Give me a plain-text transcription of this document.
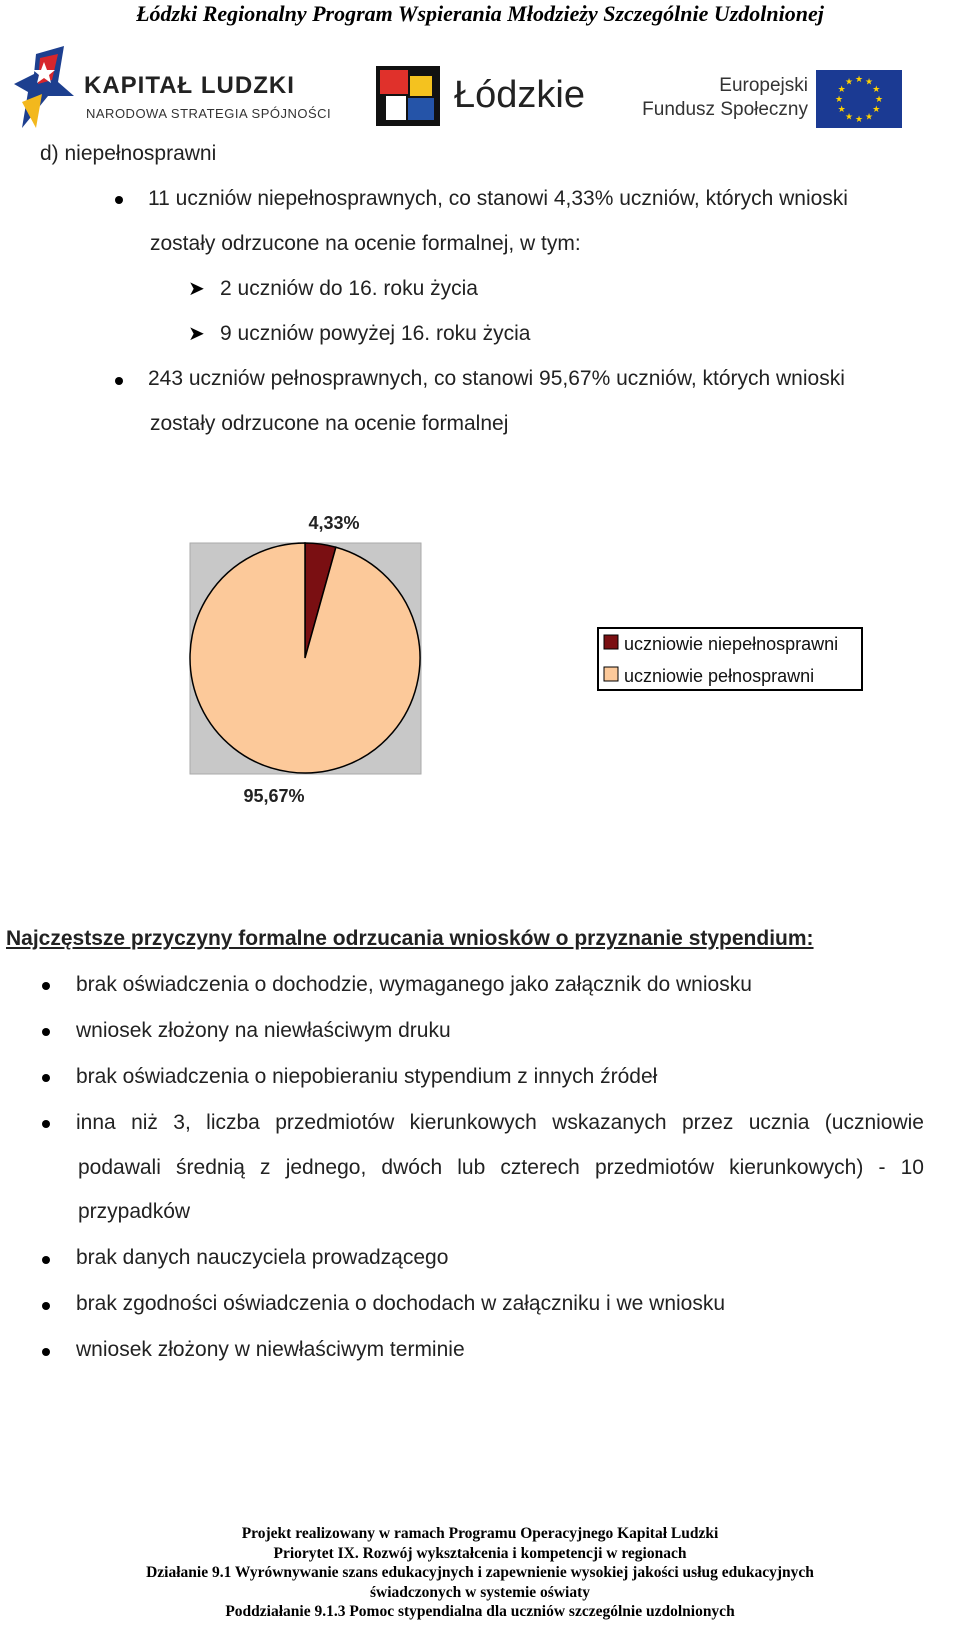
Łódzki Regionalny Program Wspierania Młodzieży Szczególnie Uzdolnionej
KAPITAŁ LUDZKI
NARODOWA STRATEGIA SPÓJNOŚCI	Łódzkie	Europejski
Fundusz Społeczny	★
★
★
★
★
★
★
★
★ ★ ★
★
d) niepełnosprawni
11 uczniów niepełnosprawnych, co stanowi 4,33% uczniów, których wnioski
zostały odrzucone na ocenie formalnej, w tym:
➤ 2 uczniów do 16. roku życia
➤ 9 uczniów powyżej 16. roku życia
243 uczniów pełnosprawnych, co stanowi 95,67% uczniów, których wnioski
zostały odrzucone na ocenie formalnej
4,33%
95,67%
uczniowie niepełnosprawni
uczniowie pełnosprawni
Najczęstsze przyczyny formalne odrzucania wniosków o przyznanie stypendium:
brak oświadczenia o dochodzie, wymaganego jako załącznik do wniosku
wniosek złożony na niewłaściwym druku
brak oświadczenia o niepobieraniu stypendium z innych źródeł
inna niż 3, liczba przedmiotów kierunkowych wskazanych przez ucznia (uczniowie
podawali średnią z jednego, dwóch lub czterech przedmiotów kierunkowych) - 10
przypadków
brak danych nauczyciela prowadzącego
brak zgodności oświadczenia o dochodach w załączniku i we wniosku
wniosek złożony w niewłaściwym terminie
Projekt realizowany w ramach Programu Operacyjnego Kapitał Ludzki
Priorytet IX. Rozwój wykształcenia i kompetencji w regionach
Działanie 9.1 Wyrównywanie szans edukacyjnych i zapewnienie wysokiej jakości usług edukacyjnych
świadczonych w systemie oświaty
Poddziałanie 9.1.3 Pomoc stypendialna dla uczniów szczególnie uzdolnionych
